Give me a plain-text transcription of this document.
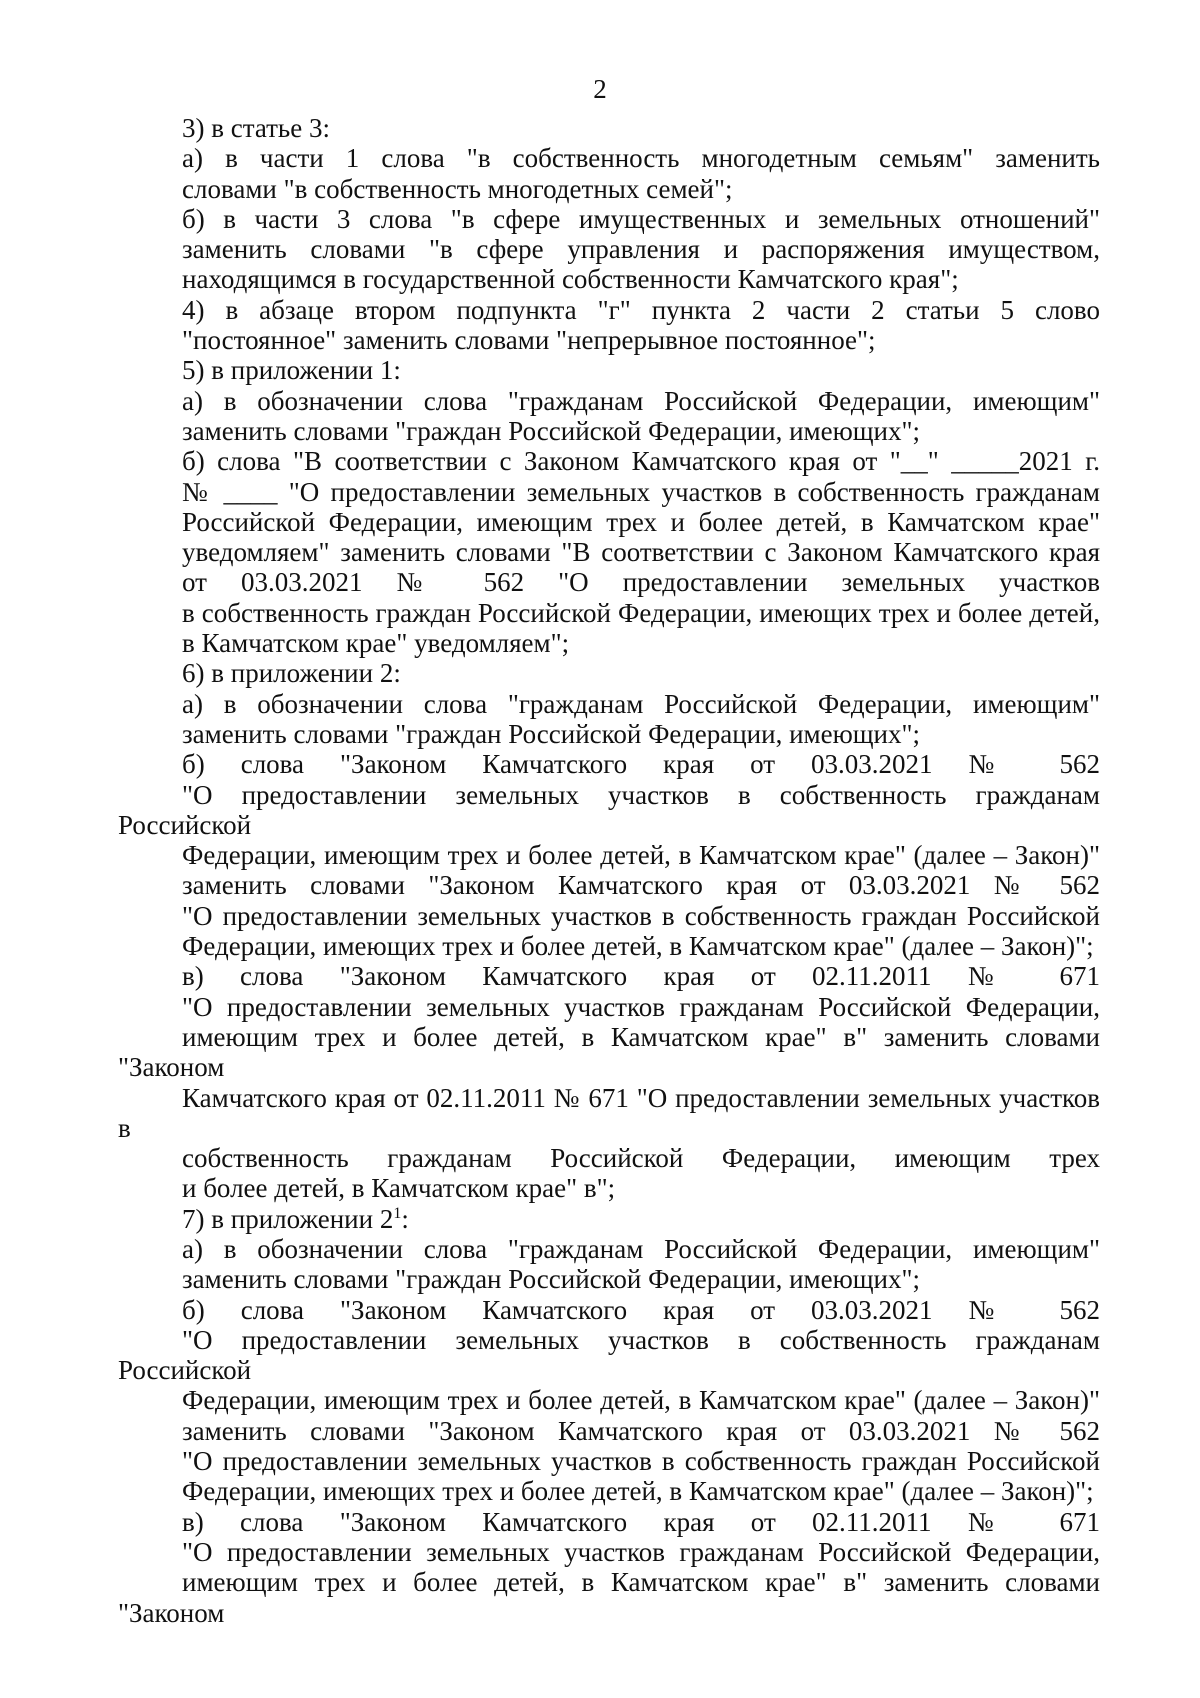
2
3) в статье 3:
а) в части 1 слова "в собственность многодетным семьям" заменить
словами "в собственность многодетных семей";
б) в части 3 слова "в сфере имущественных и земельных отношений"
заменить словами "в сфере управления и распоряжения имуществом,
находящимся в государственной собственности Камчатского края";
4) в абзаце втором подпункта "г" пункта 2 части 2 статьи 5 слово
"постоянное" заменить словами "непрерывное постоянное";
5) в приложении 1:
а) в обозначении слова "гражданам Российской Федерации, имеющим"
заменить словами "граждан Российской Федерации, имеющих";
б) слова "В соответствии с Законом Камчатского края от "__" _____2021 г.
№ ____ "О предоставлении земельных участков в собственность гражданам
Российской Федерации, имеющим трех и более детей, в Камчатском крае"
уведомляем" заменить словами "В соответствии с Законом Камчатского края
от 03.03.2021 № 562 "О предоставлении земельных участков
в собственность граждан Российской Федерации, имеющих трех и более детей,
в Камчатском крае" уведомляем";
6) в приложении 2:
а) в обозначении слова "гражданам Российской Федерации, имеющим"
заменить словами "граждан Российской Федерации, имеющих";
б) слова "Законом Камчатского края от 03.03.2021 № 562
"О предоставлении земельных участков в собственность гражданам Российской
Федерации, имеющим трех и более детей, в Камчатском крае" (далее – Закон)"
заменить словами "Законом Камчатского края от 03.03.2021 № 562
"О предоставлении земельных участков в собственность граждан Российской
Федерации, имеющих трех и более детей, в Камчатском крае" (далее – Закон)";
в) слова "Законом Камчатского края от 02.11.2011 № 671
"О предоставлении земельных участков гражданам Российской Федерации,
имеющим трех и более детей, в Камчатском крае" в" заменить словами "Законом
Камчатского края от 02.11.2011 № 671 "О предоставлении земельных участков в
собственность гражданам Российской Федерации, имеющим трех
и более детей, в Камчатском крае" в";
7) в приложении $2^1$:
а) в обозначении слова "гражданам Российской Федерации, имеющим"
заменить словами "граждан Российской Федерации, имеющих";
б) слова "Законом Камчатского края от 03.03.2021 № 562
"О предоставлении земельных участков в собственность гражданам Российской
Федерации, имеющим трех и более детей, в Камчатском крае" (далее – Закон)"
заменить словами "Законом Камчатского края от 03.03.2021 № 562
"О предоставлении земельных участков в собственность граждан Российской
Федерации, имеющих трех и более детей, в Камчатском крае" (далее – Закон)";
в) слова "Законом Камчатского края от 02.11.2011 № 671
"О предоставлении земельных участков гражданам Российской Федерации,
имеющим трех и более детей, в Камчатском крае" в" заменить словами "Законом
